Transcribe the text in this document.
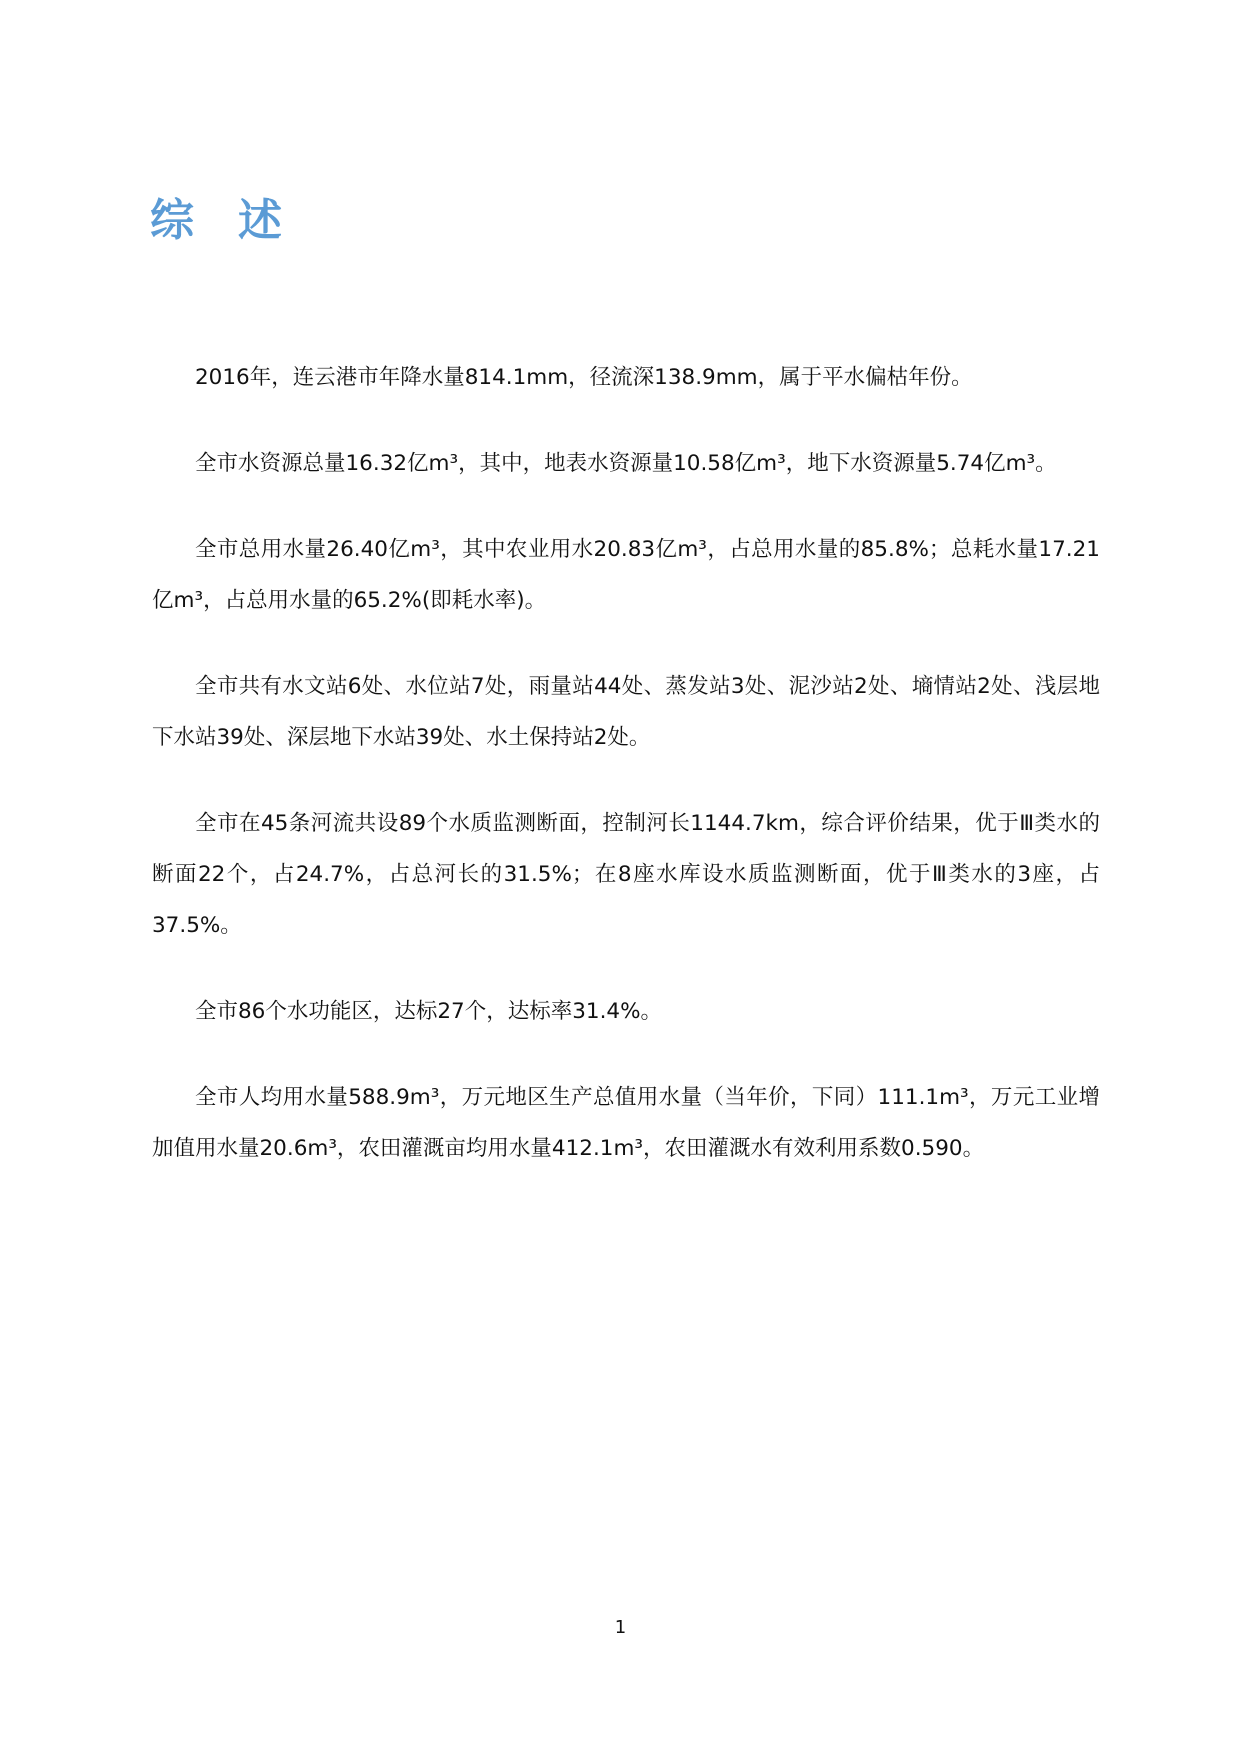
综述

2016年，连云港市年降水量814.1mm，径流深138.9mm，属于平水偏枯年份。

全市水资源总量16.32亿m³，其中，地表水资源量10.58亿m³，地下水资源量5.74亿m³。

全市总用水量26.40亿m³，其中农业用水20.83亿m³，占总用水量的85.8%；总耗水量17.21亿m³，占总用水量的65.2%(即耗水率)。

全市共有水文站6处、水位站7处，雨量站44处、蒸发站3处、泥沙站2处、墒情站2处、浅层地下水站39处、深层地下水站39处、水土保持站2处。

全市在45条河流共设89个水质监测断面，控制河长1144.7km，综合评价结果，优于Ⅲ类水的断面22个，占24.7%，占总河长的31.5%；在8座水库设水质监测断面，优于Ⅲ类水的3座，占37.5%。

全市86个水功能区，达标27个，达标率31.4%。

全市人均用水量588.9m³，万元地区生产总值用水量（当年价，下同）111.1m³，万元工业增加值用水量20.6m³，农田灌溉亩均用水量412.1m³，农田灌溉水有效利用系数0.590。

1
